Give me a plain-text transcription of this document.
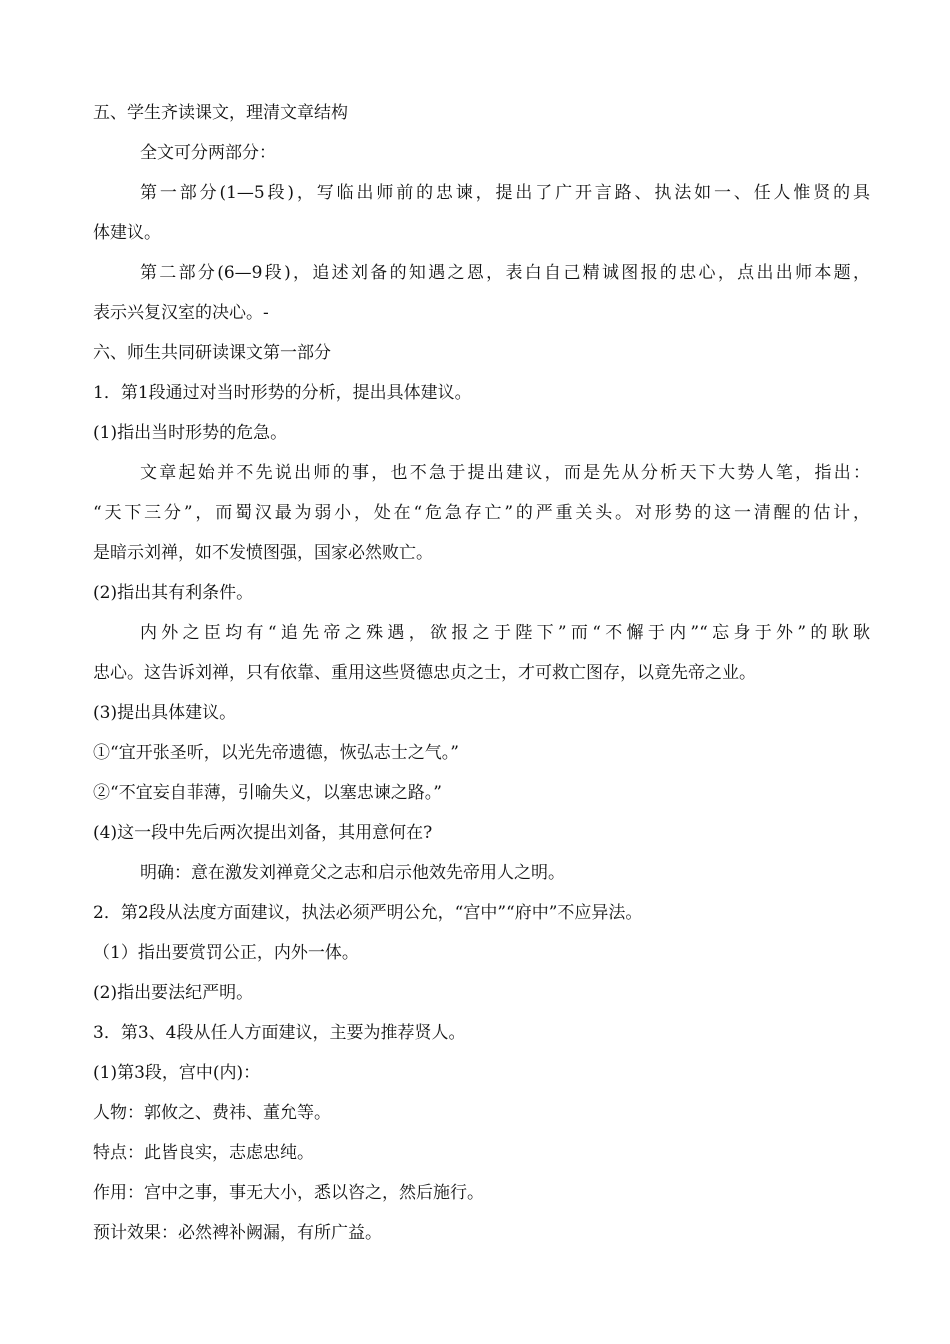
五、学生齐读课文，理清文章结构
全文可分两部分：
第一部分(1—5段)，写临出师前的忠谏，提出了广开言路、执法如一、任人惟贤的具
体建议。
第二部分(6—9段)，追述刘备的知遇之恩，表白自己精诚图报的忠心，点出出师本题，
表示兴复汉室的决心。-
六、师生共同研读课文第一部分
1．第1段通过对当时形势的分析，提出具体建议。
(1)指出当时形势的危急。
文章起始并不先说出师的事，也不急于提出建议，而是先从分析天下大势人笔，指出：
“天下三分”，而蜀汉最为弱小，处在“危急存亡”的严重关头。对形势的这一清醒的估计，
是暗示刘禅，如不发愤图强，国家必然败亡。
(2)指出其有利条件。
内外之臣均有“追先帝之殊遇，欲报之于陛下”而“不懈于内”“忘身于外”的耿耿
忠心。这告诉刘禅，只有依靠、重用这些贤德忠贞之士，才可救亡图存，以竟先帝之业。
(3)提出具体建议。
①“宜开张圣听，以光先帝遗德，恢弘志士之气。”
②“不宜妄自菲薄，引喻失义，以塞忠谏之路。”
(4)这一段中先后两次提出刘备，其用意何在?
明确：意在激发刘禅竟父之志和启示他效先帝用人之明。
2．第2段从法度方面建议，执法必须严明公允，“宫中”“府中”不应异法。
（1）指出要赏罚公正，内外一体。
(2)指出要法纪严明。
3．第3、4段从任人方面建议，主要为推荐贤人。
(1)第3段，宫中(内)：
人物：郭攸之、费祎、董允等。
特点：此皆良实，志虑忠纯。
作用：宫中之事，事无大小，悉以咨之，然后施行。
预计效果：必然裨补阙漏，有所广益。
